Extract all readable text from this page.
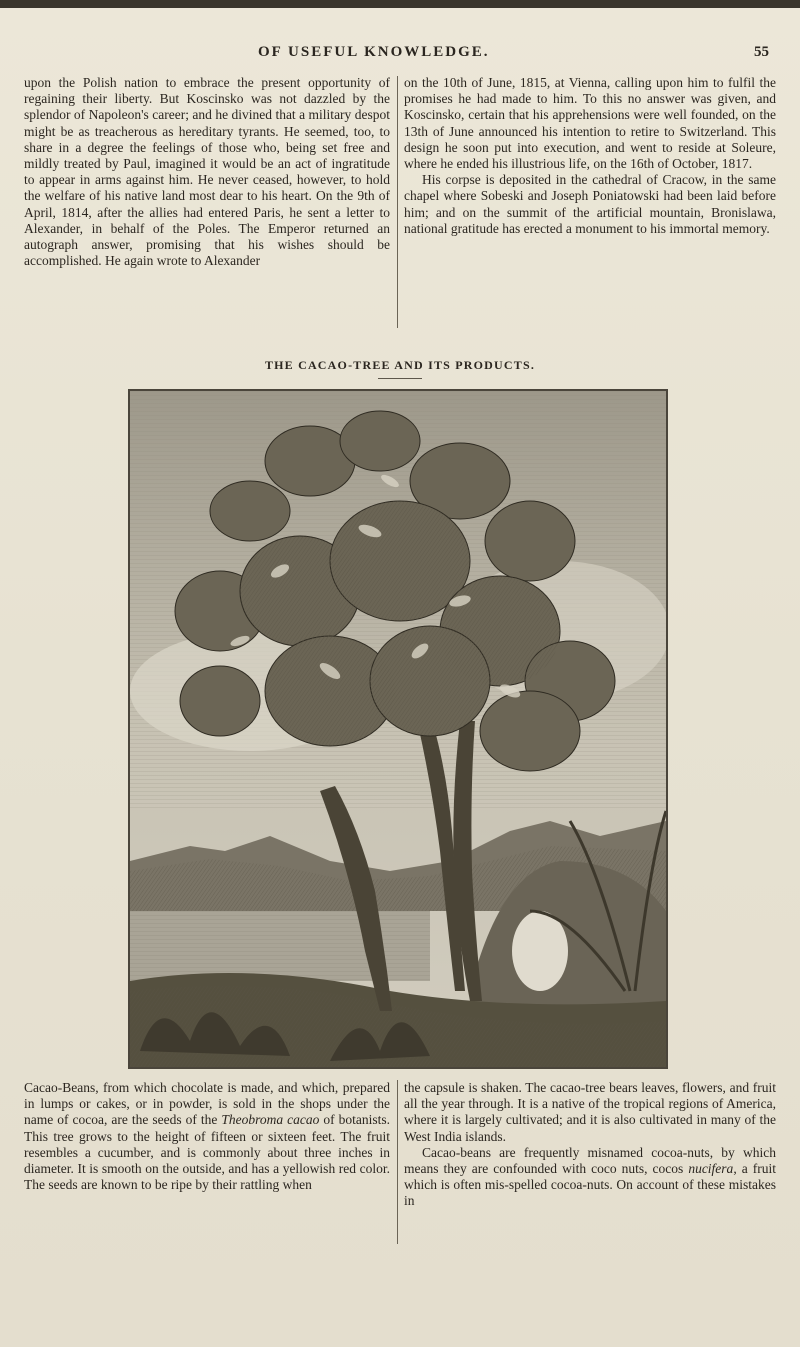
OF USEFUL KNOWLEDGE.	55

upon the Polish nation to embrace the present opportunity of regaining their liberty. But Koscinsko was not dazzled by the splendor of Napoleon's career; and he divined that a military despot might be as treacherous as hereditary tyrants. He seemed, too, to share in a degree the feelings of those who, being set free and mildly treated by Paul, imagined it would be an act of ingratitude to appear in arms against him. He never ceased, however, to hold the welfare of his native land most dear to his heart. On the 9th of April, 1814, after the allies had entered Paris, he sent a letter to Alexander, in behalf of the Poles. The Emperor returned an autograph answer, promising that his wishes should be accomplished. He again wrote to Alexander

on the 10th of June, 1815, at Vienna, calling upon him to fulfil the promises he had made to him. To this no answer was given, and Koscinsko, certain that his apprehensions were well founded, on the 13th of June announced his intention to retire to Switzerland. This design he soon put into execution, and went to reside at Soleure, where he ended his illustrious life, on the 16th of October, 1817.

His corpse is deposited in the cathedral of Cracow, in the same chapel where Sobeski and Joseph Poniatowski had been laid before him; and on the summit of the artificial mountain, Bronislawa, national gratitude has erected a monument to his immortal memory.

THE CACAO-TREE AND ITS PRODUCTS.

Cacao-Beans, from which chocolate is made, and which, prepared in lumps or cakes, or in powder, is sold in the shops under the name of cocoa, are the seeds of the Theobroma cacao of botanists. This tree grows to the height of fifteen or sixteen feet. The fruit resembles a cucumber, and is commonly about three inches in diameter. It is smooth on the outside, and has a yellowish red color. The seeds are known to be ripe by their rattling when

the capsule is shaken. The cacao-tree bears leaves, flowers, and fruit all the year through. It is a native of the tropical regions of America, where it is largely cultivated; and it is also cultivated in many of the West India islands.

Cacao-beans are frequently misnamed cocoa-nuts, by which means they are confounded with coco nuts, cocos nucifera, a fruit which is often mis-spelled cocoa-nuts. On account of these mistakes in
